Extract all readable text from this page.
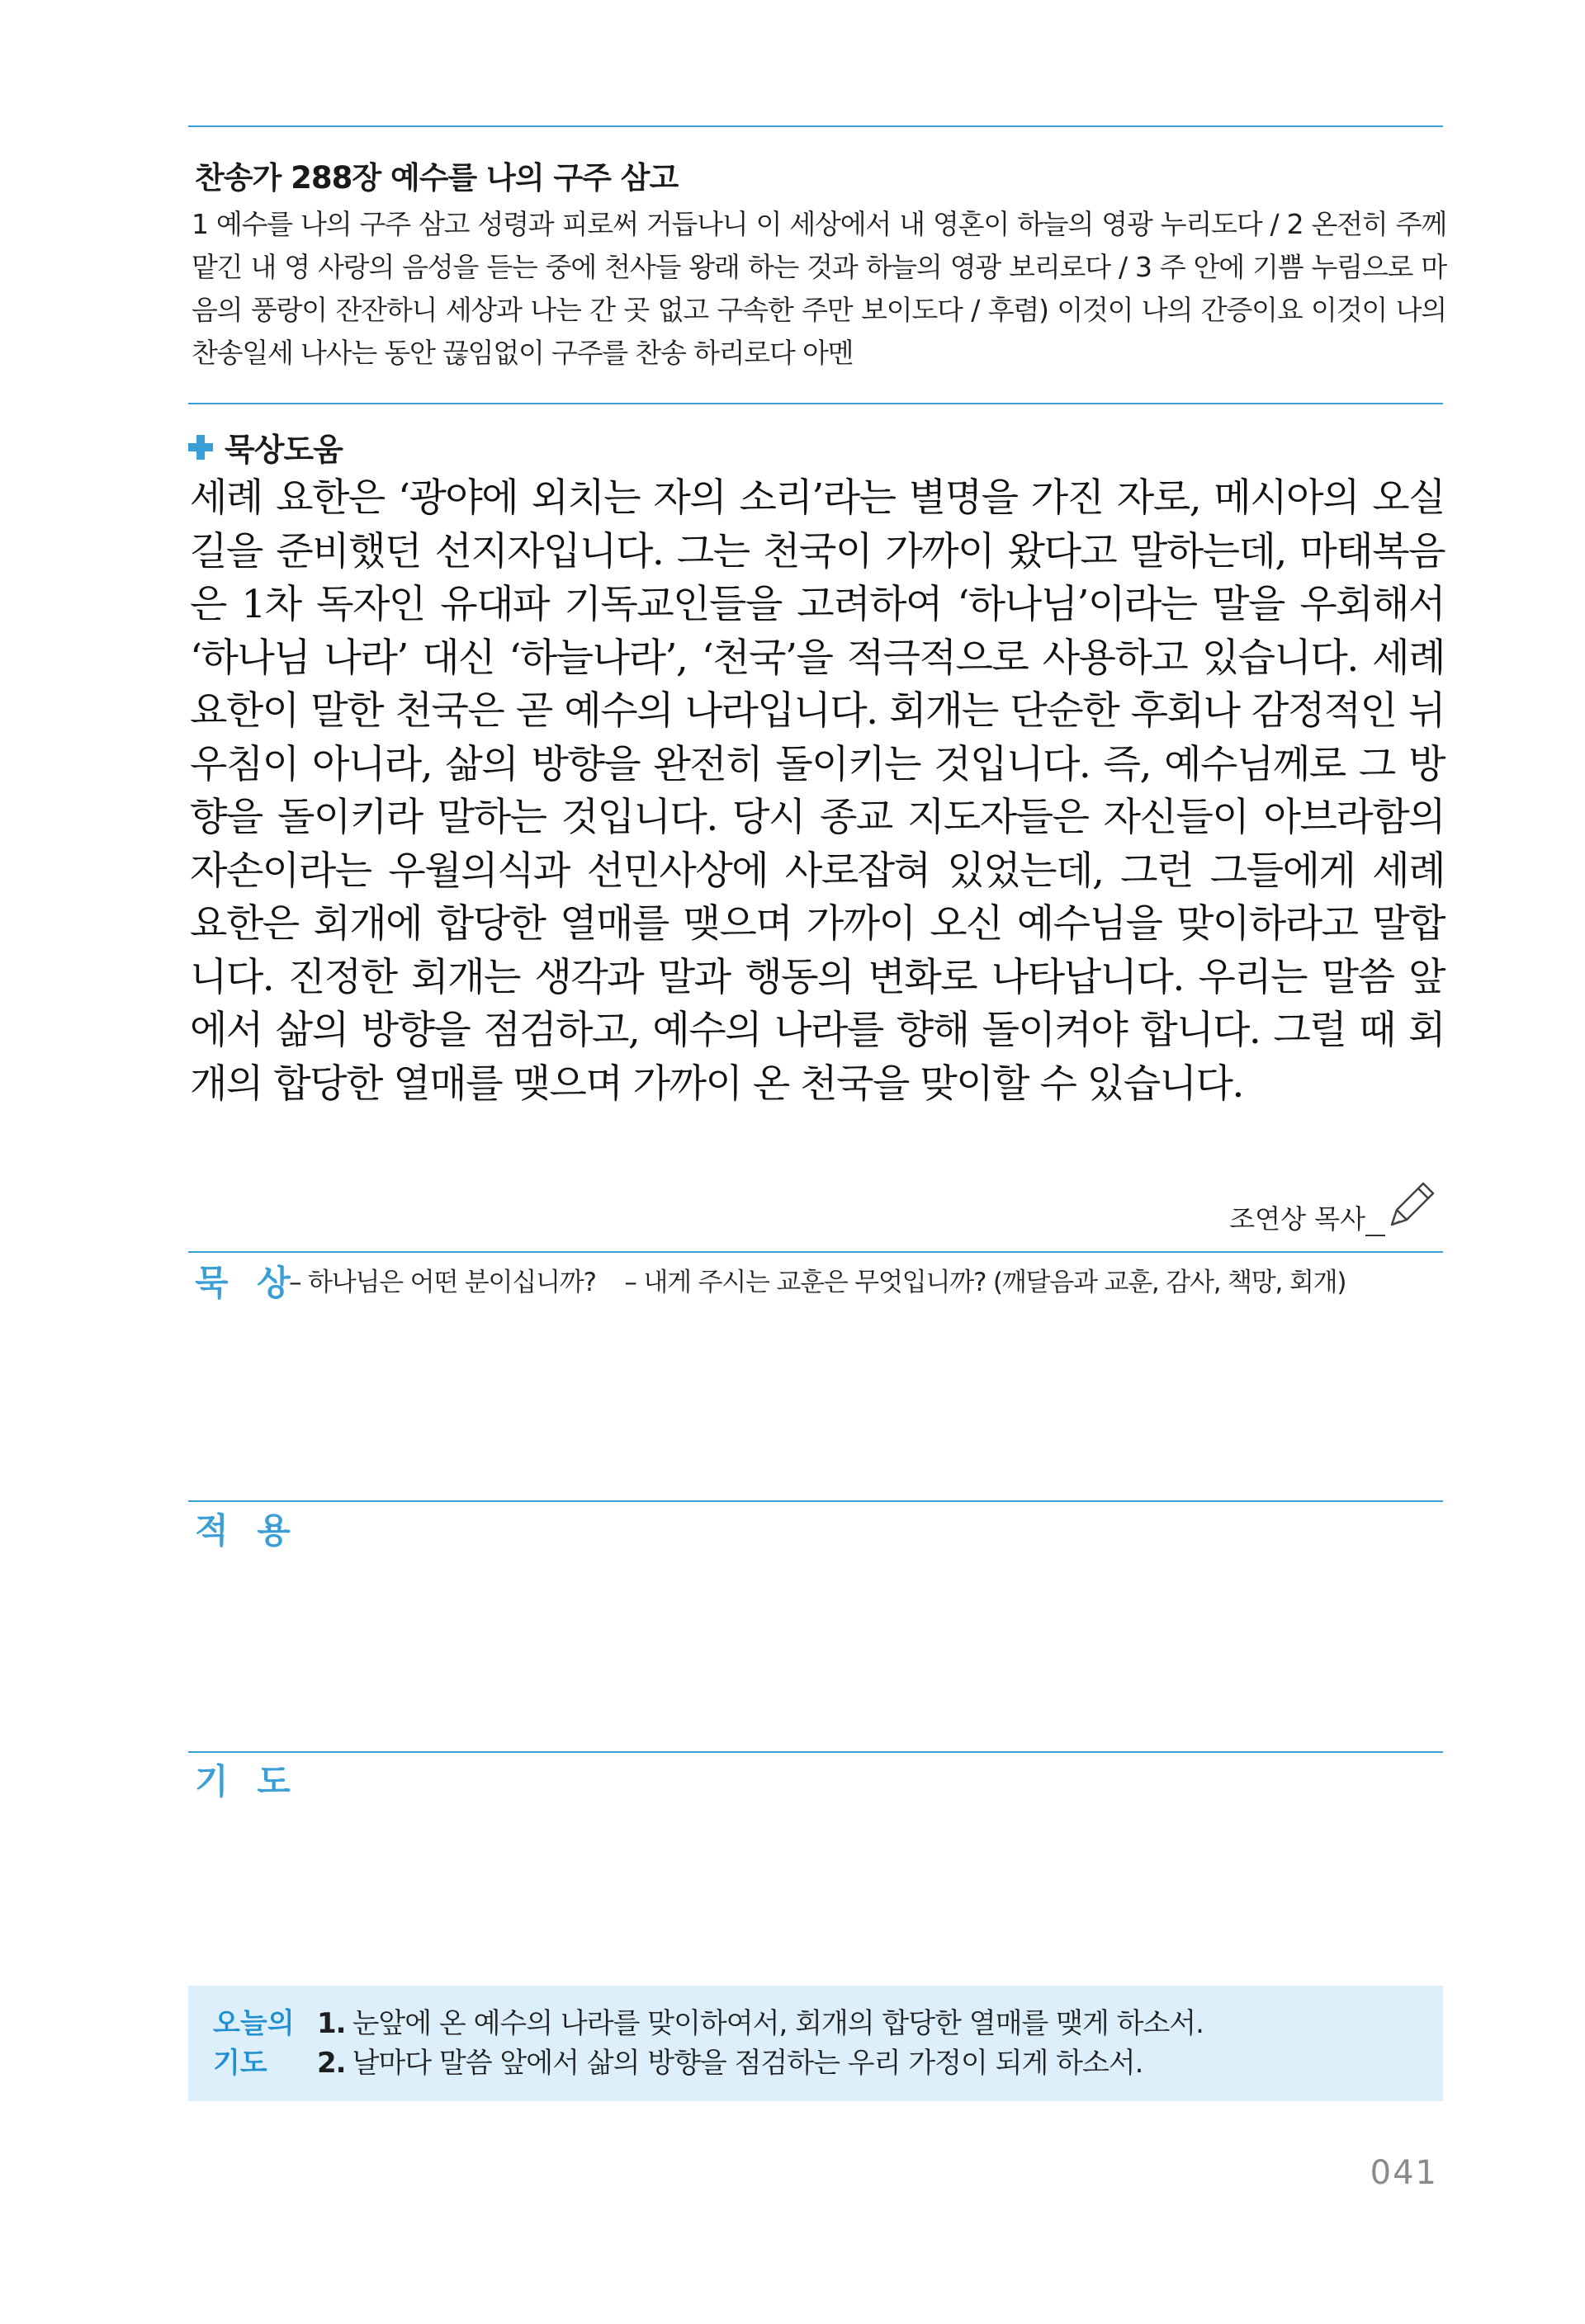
찬송가 288장 예수를 나의 구주 삼고
1 예수를 나의 구주 삼고 성령과 피로써 거듭나니 이 세상에서 내 영혼이 하늘의 영광 누리도다 / 2 온전히 주께 맡긴 내 영 사랑의 음성을 듣는 중에 천사들 왕래 하는 것과 하늘의 영광 보리로다 / 3 주 안에 기쁨 누림으로 마음의 풍랑이 잔잔하니 세상과 나는 간 곳 없고 구속한 주만 보이도다 / 후렴) 이것이 나의 간증이요 이것이 나의 찬송일세 나사는 동안 끊임없이 구주를 찬송 하리로다 아멘
묵상도움
세례 요한은 ‘광야에 외치는 자의 소리’라는 별명을 가진 자로, 메시아의 오실 길을 준비했던 선지자입니다. 그는 천국이 가까이 왔다고 말하는데, 마태복음은 1차 독자인 유대파 기독교인들을 고려하여 ‘하나님’이라는 말을 우회해서 ‘하나님 나라’ 대신 ‘하늘나라’, ‘천국’을 적극적으로 사용하고 있습니다. 세례 요한이 말한 천국은 곧 예수의 나라입니다. 회개는 단순한 후회나 감정적인 뉘우침이 아니라, 삶의 방향을 완전히 돌이키는 것입니다. 즉, 예수님께로 그 방향을 돌이키라 말하는 것입니다. 당시 종교 지도자들은 자신들이 아브라함의 자손이라는 우월의식과 선민사상에 사로잡혀 있었는데, 그런 그들에게 세례 요한은 회개에 합당한 열매를 맺으며 가까이 오신 예수님을 맞이하라고 말합니다. 진정한 회개는 생각과 말과 행동의 변화로 나타납니다. 우리는 말씀 앞에서 삶의 방향을 점검하고, 예수의 나라를 향해 돌이켜야 합니다. 그럴 때 회개의 합당한 열매를 맺으며 가까이 온 천국을 맞이할 수 있습니다.
조연상 목사
묵 상
– 하나님은 어떤 분이십니까? – 내게 주시는 교훈은 무엇입니까? (깨달음과 교훈, 감사, 책망, 회개)
적 용
기 도
오늘의 기도
1. 눈앞에 온 예수의 나라를 맞이하여서, 회개의 합당한 열매를 맺게 하소서.
2. 날마다 말씀 앞에서 삶의 방향을 점검하는 우리 가정이 되게 하소서.
041
